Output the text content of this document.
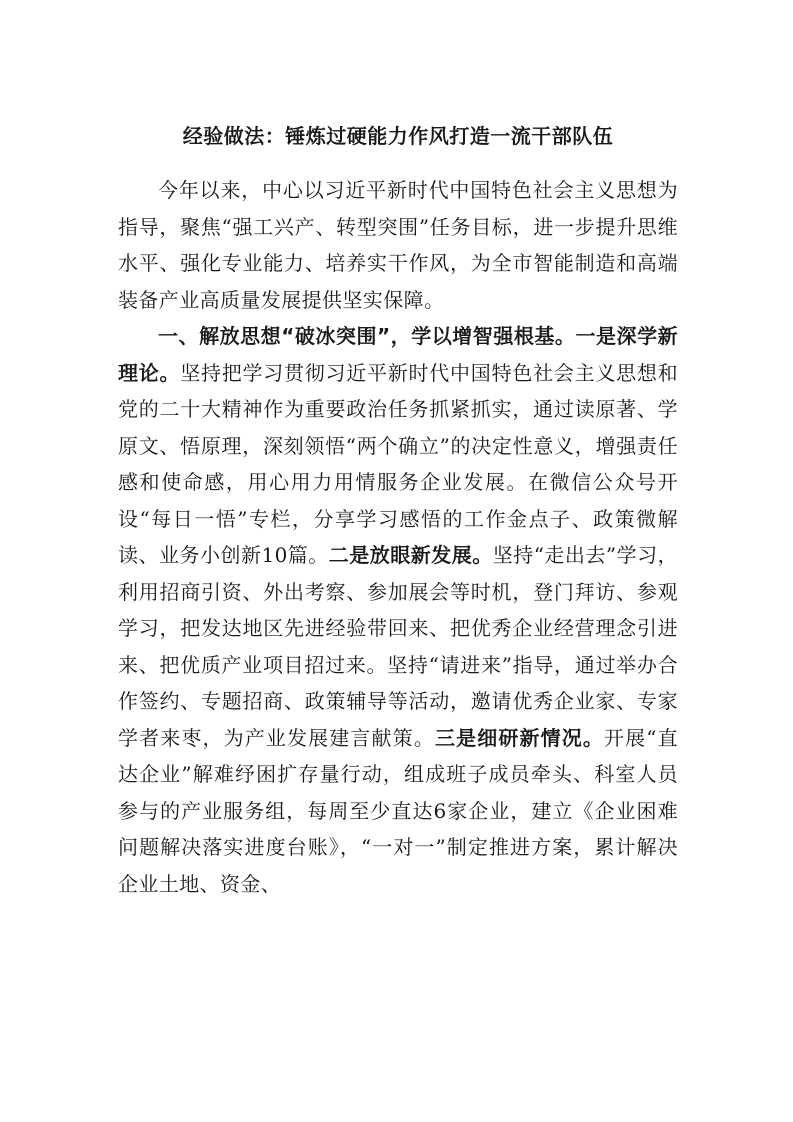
经验做法：锤炼过硬能力作风打造一流干部队伍

今年以来，中心以习近平新时代中国特色社会主义思想为指导，聚焦“强工兴产、转型突围”任务目标，进一步提升思维水平、强化专业能力、培养实干作风，为全市智能制造和高端装备产业高质量发展提供坚实保障。

一、解放思想“破冰突围”，学以增智强根基。一是深学新理论。坚持把学习贯彻习近平新时代中国特色社会主义思想和党的二十大精神作为重要政治任务抓紧抓实，通过读原著、学原文、悟原理，深刻领悟“两个确立”的决定性意义，增强责任感和使命感，用心用力用情服务企业发展。在微信公众号开设“每日一悟”专栏，分享学习感悟的工作金点子、政策微解读、业务小创新10篇。二是放眼新发展。坚持“走出去”学习，利用招商引资、外出考察、参加展会等时机，登门拜访、参观学习，把发达地区先进经验带回来、把优秀企业经营理念引进来、把优质产业项目招过来。坚持“请进来”指导，通过举办合作签约、专题招商、政策辅导等活动，邀请优秀企业家、专家学者来枣，为产业发展建言献策。三是细研新情况。开展“直达企业”解难纾困扩存量行动，组成班子成员牵头、科室人员参与的产业服务组，每周至少直达6家企业，建立《企业困难问题解决落实进度台账》，“一对一”制定推进方案，累计解决企业土地、资金、
